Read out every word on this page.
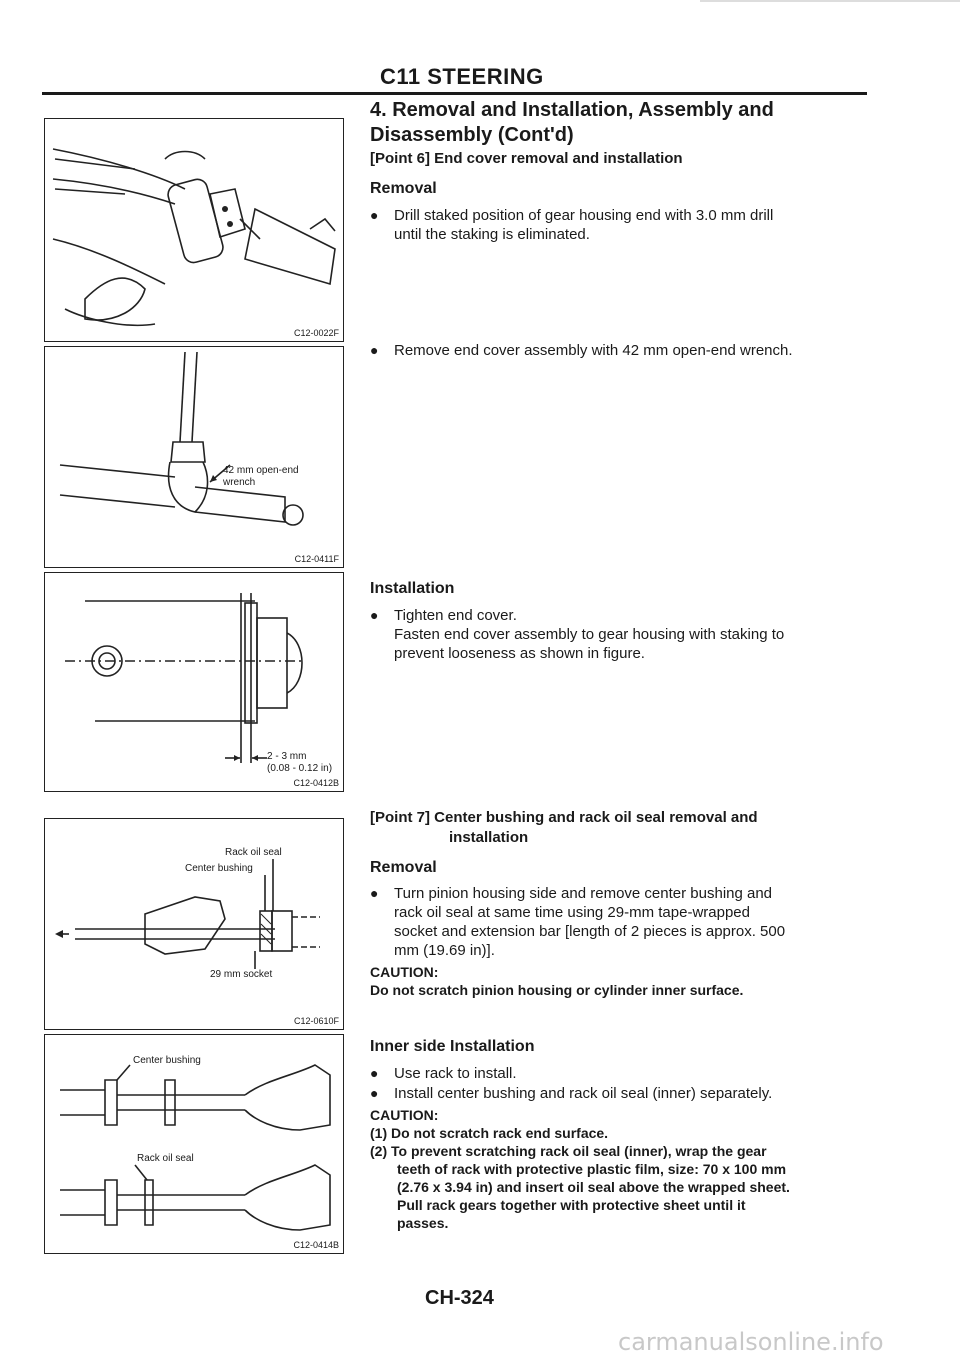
C11 STEERING
4. Removal and Installation, Assembly and
Disassembly (Cont'd)
[Point 6] End cover removal and installation
Removal
● Drill staked position of gear housing end with 3.0 mm drill
until the staking is eliminated.
● Remove end cover assembly with 42 mm open-end wrench.
Installation
● Tighten end cover.
Fasten end cover assembly to gear housing with staking to
prevent looseness as shown in figure.
[Point 7] Center bushing and rack oil seal removal and
installation
Removal
● Turn pinion housing side and remove center bushing and
rack oil seal at same time using 29-mm tape-wrapped
socket and extension bar [length of 2 pieces is approx. 500
mm (19.69 in)].
CAUTION:
Do not scratch pinion housing or cylinder inner surface.
Inner side Installation
● Use rack to install.
● Install center bushing and rack oil seal (inner) separately.
CAUTION:
(1) Do not scratch rack end surface.
(2) To prevent scratching rack oil seal (inner), wrap the gear
teeth of rack with protective plastic film, size: 70 x 100 mm
(2.76 x 3.94 in) and insert oil seal above the wrapped sheet.
Pull rack gears together with protective sheet until it
passes.
C12-0022F
42 mm open-end
wrench
C12-0411F
2 - 3 mm
(0.08 - 0.12 in)
C12-0412B
Rack oil seal
Center bushing
29 mm socket
C12-0610F
Center bushing
Rack oil seal
C12-0414B
CH-324
carmanualsonline.info
